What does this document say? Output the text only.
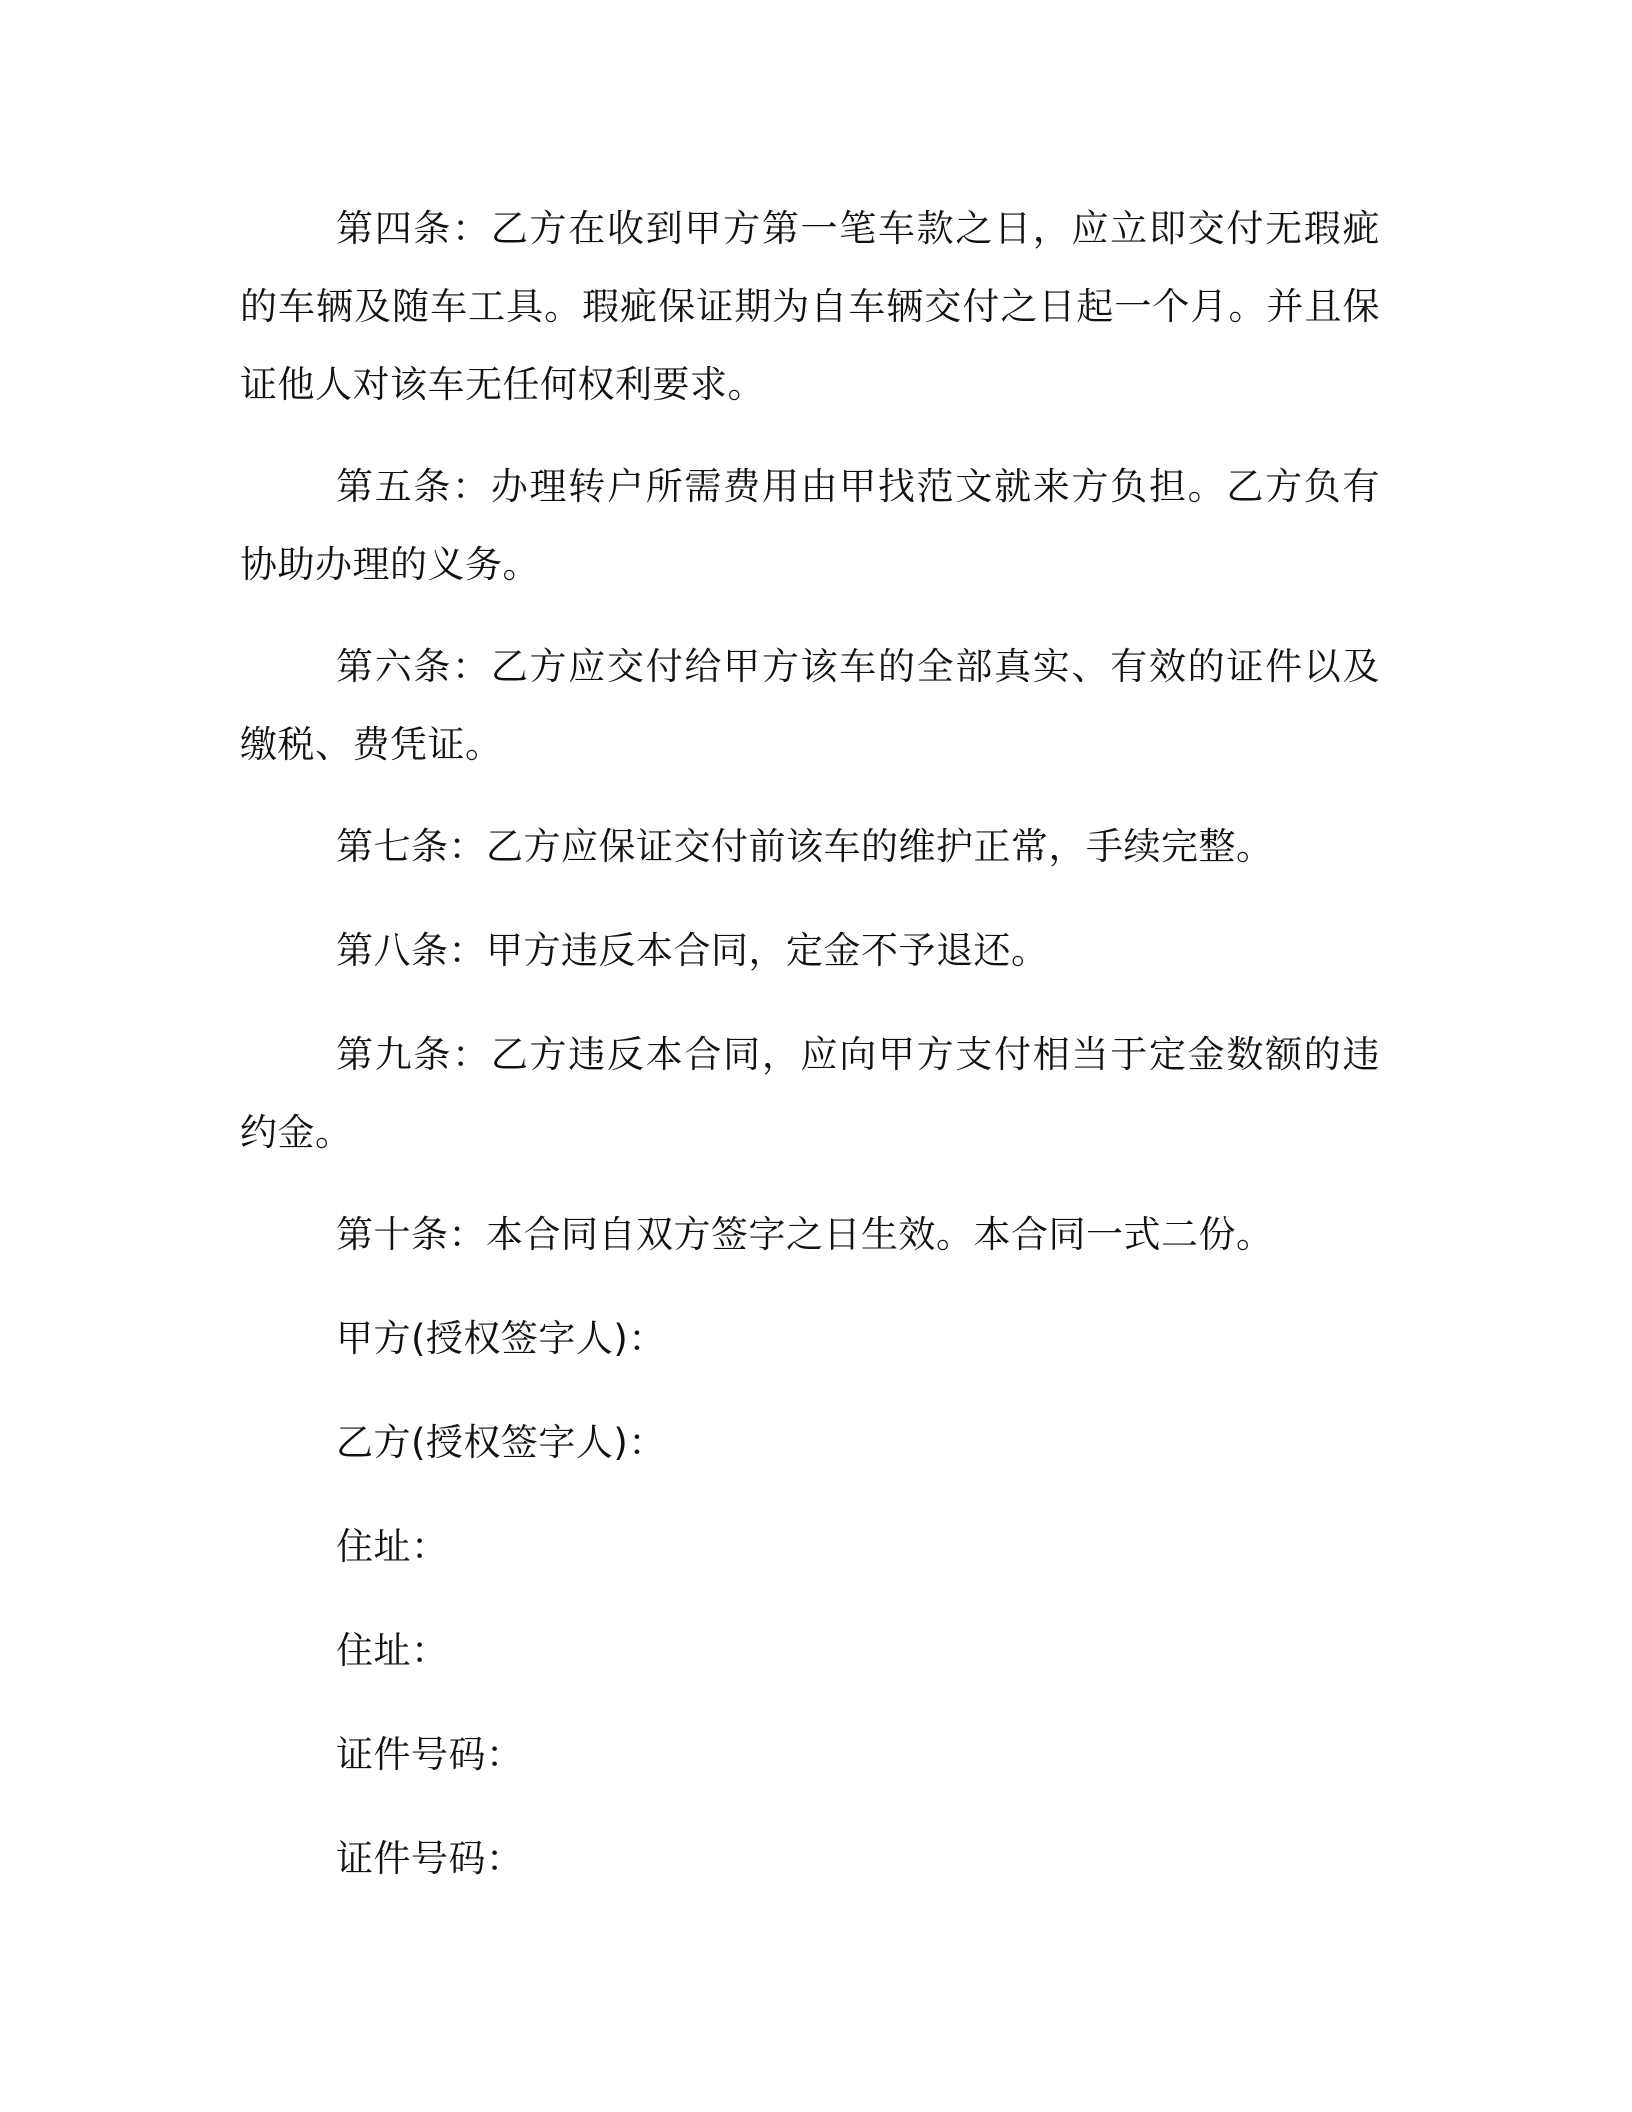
第四条：乙方在收到甲方第一笔车款之日，应立即交付无瑕疵的车辆及随车工具。瑕疵保证期为自车辆交付之日起一个月。并且保证他人对该车无任何权利要求。

第五条：办理转户所需费用由甲找范文就来方负担。乙方负有协助办理的义务。

第六条：乙方应交付给甲方该车的全部真实、有效的证件以及缴税、费凭证。

第七条：乙方应保证交付前该车的维护正常，手续完整。

第八条：甲方违反本合同，定金不予退还。

第九条：乙方违反本合同，应向甲方支付相当于定金数额的违约金。

第十条：本合同自双方签字之日生效。本合同一式二份。

甲方(授权签字人)：

乙方(授权签字人)：

住址：

住址：

证件号码：

证件号码：
